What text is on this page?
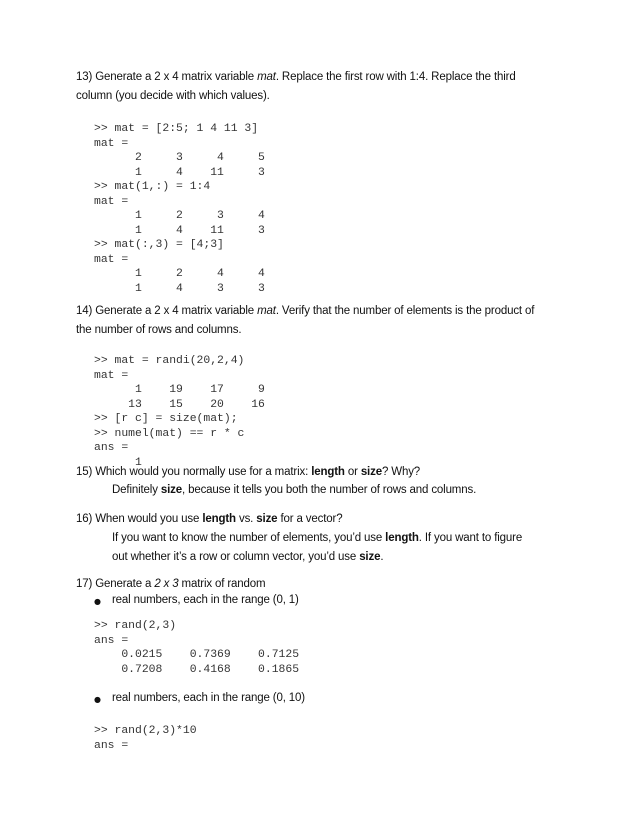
13) Generate a 2 x 4 matrix variable mat. Replace the first row with 1:4. Replace the third
column (you decide with which values).

>> mat = [2:5; 1 4 11 3]
mat =
2     3     4     5
1     4    11     3
>> mat(1,:) = 1:4
mat =
1     2     3     4
1     4    11     3
>> mat(:,3) = [4;3]
mat =
1     2     4     4
1     4     3     3

14) Generate a 2 x 4 matrix variable mat. Verify that the number of elements is the product of
the number of rows and columns.

>> mat = randi(20,2,4)
mat =
1    19    17     9
13    15    20    16
>> [r c] = size(mat);
>> numel(mat) == r * c
ans =
1

15) Which would you normally use for a matrix: length or size? Why?

Definitely size, because it tells you both the number of rows and columns.

16) When would you use length vs. size for a vector?

If you want to know the number of elements, you’d use length. If you want to figure
out whether it’s a row or column vector, you’d use size.

17) Generate a 2 x 3 matrix of random

● real numbers, each in the range (0, 1)

>> rand(2,3)
ans =
0.0215    0.7369    0.7125
0.7208    0.4168    0.1865
● real numbers, each in the range (0, 10)

>> rand(2,3)*10
ans =
